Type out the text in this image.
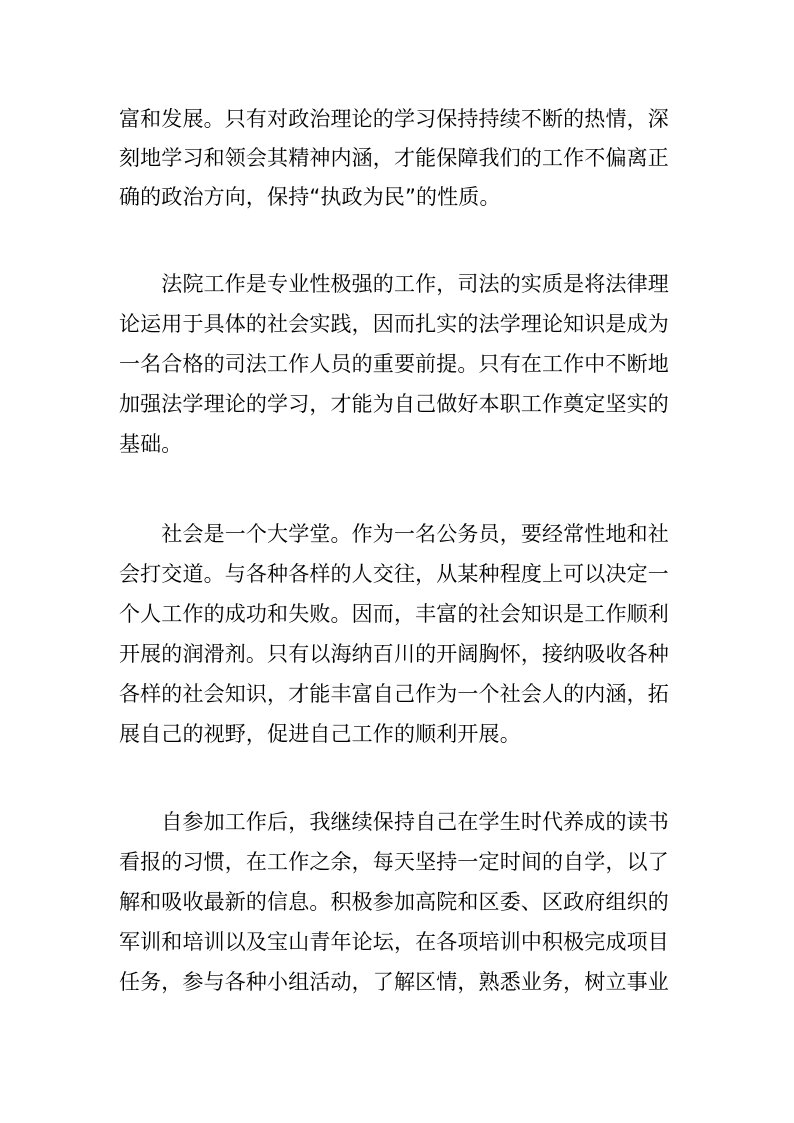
富和发展。只有对政治理论的学习保持持续不断的热情，深
刻地学习和领会其精神内涵，才能保障我们的工作不偏离正
确的政治方向，保持“执政为民”的性质。
　　法院工作是专业性极强的工作，司法的实质是将法律理
论运用于具体的社会实践，因而扎实的法学理论知识是成为
一名合格的司法工作人员的重要前提。只有在工作中不断地
加强法学理论的学习，才能为自己做好本职工作奠定坚实的
基础。
　　社会是一个大学堂。作为一名公务员，要经常性地和社
会打交道。与各种各样的人交往，从某种程度上可以决定一
个人工作的成功和失败。因而，丰富的社会知识是工作顺利
开展的润滑剂。只有以海纳百川的开阔胸怀，接纳吸收各种
各样的社会知识，才能丰富自己作为一个社会人的内涵，拓
展自己的视野，促进自己工作的顺利开展。
　　自参加工作后，我继续保持自己在学生时代养成的读书
看报的习惯，在工作之余，每天坚持一定时间的自学，以了
解和吸收最新的信息。积极参加高院和区委、区政府组织的
军训和培训以及宝山青年论坛，在各项培训中积极完成项目
任务，参与各种小组活动，了解区情，熟悉业务，树立事业
